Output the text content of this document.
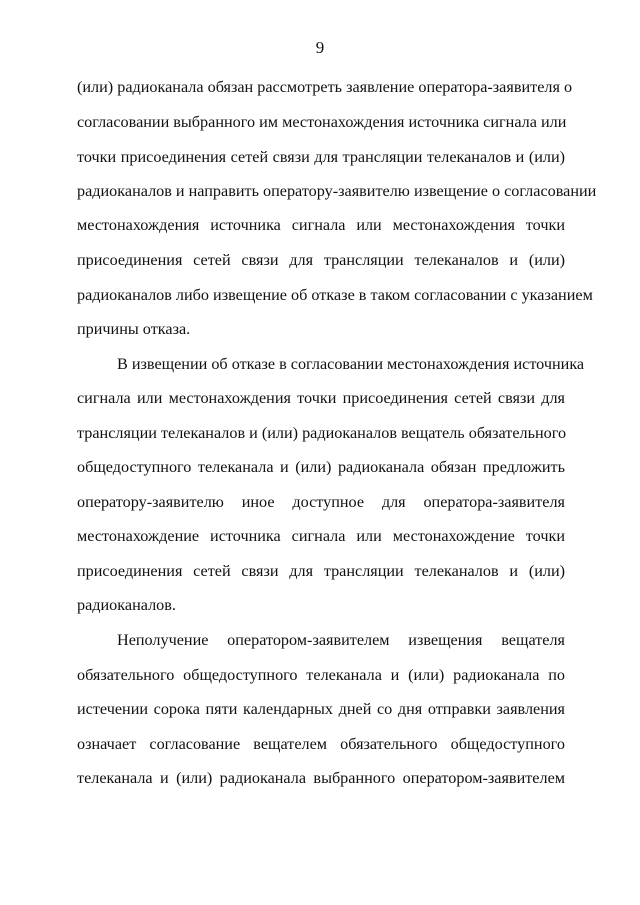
9
(или) радиоканала обязан рассмотреть заявление оператора-заявителя о
согласовании выбранного им местонахождения источника сигнала или
точки присоединения сетей связи для трансляции телеканалов и (или)
радиоканалов и направить оператору-заявителю извещение о согласовании
местонахождения источника сигнала или местонахождения точки
присоединения сетей связи для трансляции телеканалов и (или)
радиоканалов либо извещение об отказе в таком согласовании с указанием
причины отказа.
В извещении об отказе в согласовании местонахождения источника
сигнала или местонахождения точки присоединения сетей связи для
трансляции телеканалов и (или) радиоканалов вещатель обязательного
общедоступного телеканала и (или) радиоканала обязан предложить
оператору-заявителю иное доступное для оператора-заявителя
местонахождение источника сигнала или местонахождение точки
присоединения сетей связи для трансляции телеканалов и (или)
радиоканалов.
Неполучение оператором-заявителем извещения вещателя
обязательного общедоступного телеканала и (или) радиоканала по
истечении сорока пяти календарных дней со дня отправки заявления
означает согласование вещателем обязательного общедоступного
телеканала и (или) радиоканала выбранного оператором-заявителем
